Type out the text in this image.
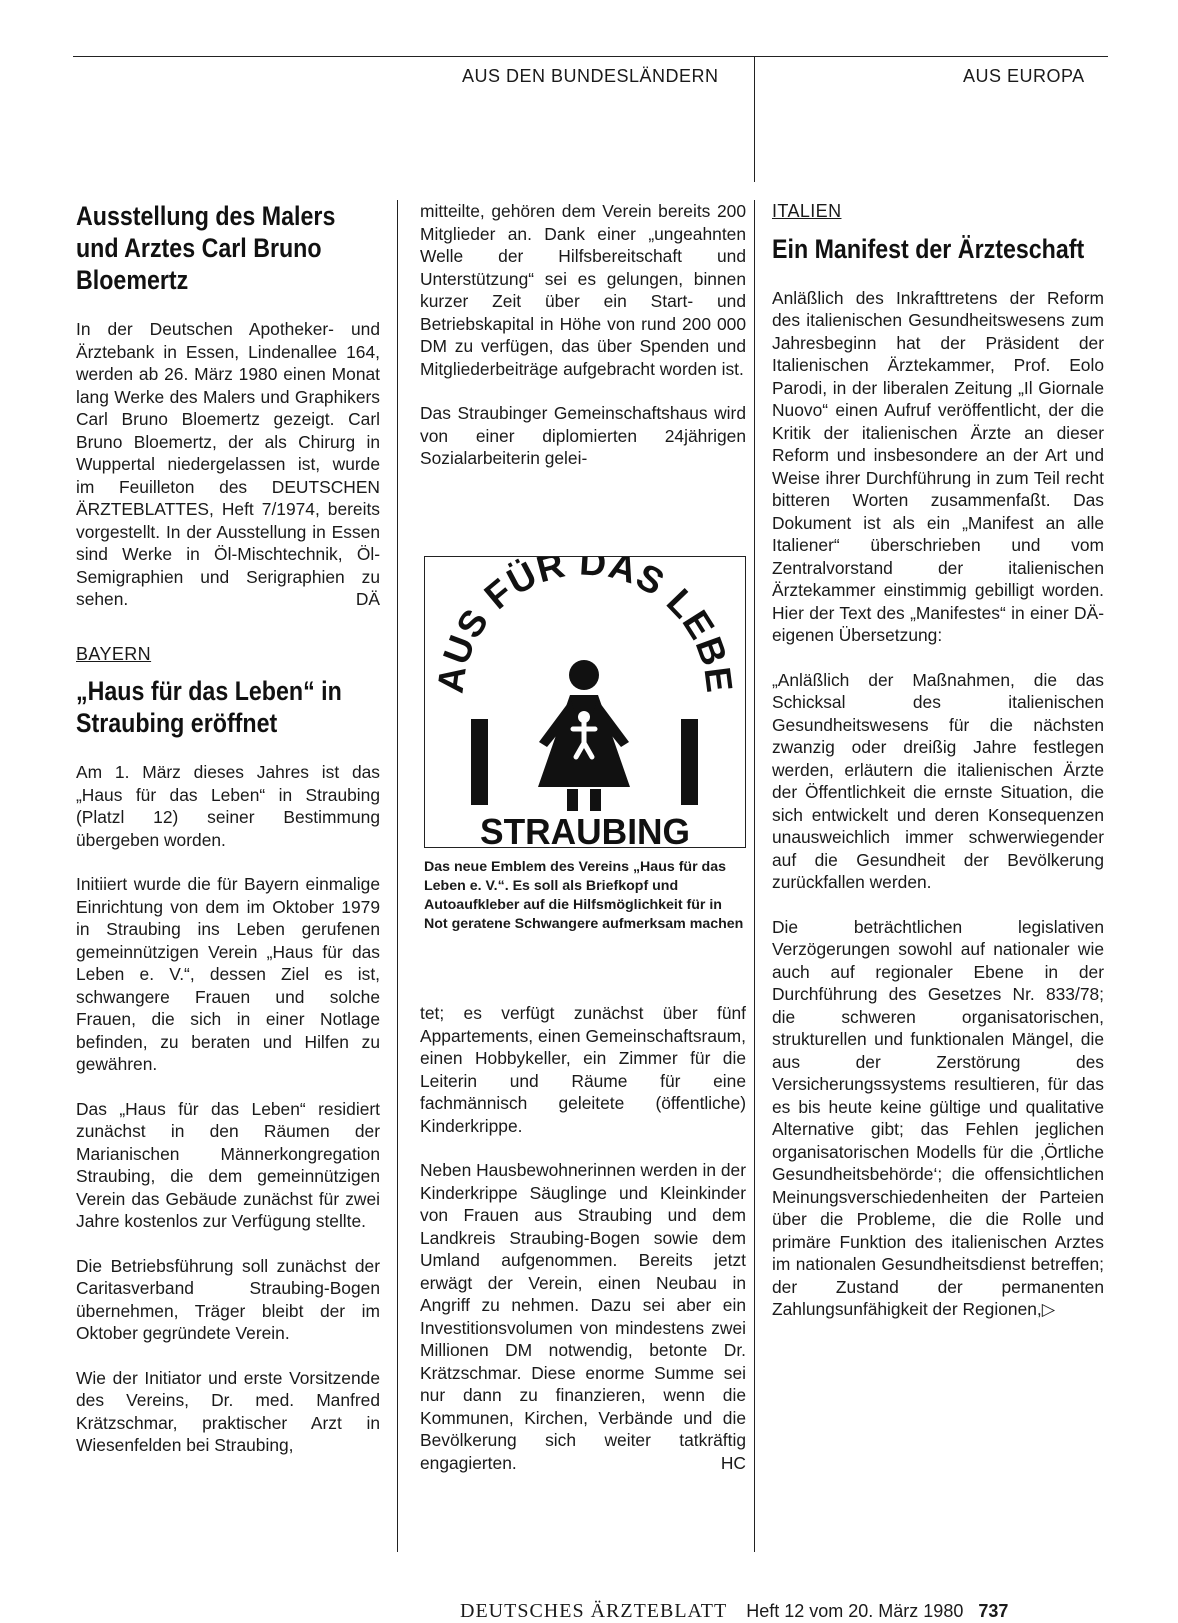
AUS DEN BUNDESLÄNDERN	AUS EUROPA
Ausstellung des Malers und Arztes Carl Bruno Bloemertz

In der Deutschen Apotheker- und Ärztebank in Essen, Lindenallee 164, werden ab 26. März 1980 einen Monat lang Werke des Malers und Graphikers Carl Bruno Bloemertz gezeigt. Carl Bruno Bloemertz, der als Chirurg in Wuppertal niedergelassen ist, wurde im Feuilleton des DEUTSCHEN ÄRZTEBLATTES, Heft 7/1974, bereits vorgestellt. In der Ausstellung in Essen sind Werke in Öl-Mischtechnik, Öl-Semigraphien und Serigraphien zu sehen.	DÄ

BAYERN
„Haus für das Leben“ in Straubing eröffnet

Am 1. März dieses Jahres ist das „Haus für das Leben“ in Straubing (Platzl 12) seiner Bestimmung übergeben worden.

Initiiert wurde die für Bayern einmalige Einrichtung von dem im Oktober 1979 in Straubing ins Leben gerufenen gemeinnützigen Verein „Haus für das Leben e. V.“, dessen Ziel es ist, schwangere Frauen und solche Frauen, die sich in einer Notlage befinden, zu beraten und Hilfen zu gewähren.

Das „Haus für das Leben“ residiert zunächst in den Räumen der Marianischen Männerkongregation Straubing, die dem gemeinnützigen Verein das Gebäude zunächst für zwei Jahre kostenlos zur Verfügung stellte.

Die Betriebsführung soll zunächst der Caritasverband Straubing-Bogen übernehmen, Träger bleibt der im Oktober gegründete Verein.

Wie der Initiator und erste Vorsitzende des Vereins, Dr. med. Manfred Krätzschmar, praktischer Arzt in Wiesenfelden bei Straubing,

mitteilte, gehören dem Verein bereits 200 Mitglieder an. Dank einer „ungeahnten Welle der Hilfsbereitschaft und Unterstützung“ sei es gelungen, binnen kurzer Zeit über ein Start- und Betriebskapital in Höhe von rund 200 000 DM zu verfügen, das über Spenden und Mitgliederbeiträge aufgebracht worden ist.

Das Straubinger Gemeinschaftshaus wird von einer diplomierten 24jährigen Sozialarbeiterin gelei-

AUS FÜR DAS LEBE
STRAUBING
Das neue Emblem des Vereins „Haus für das Leben e. V.“. Es soll als Briefkopf und Autoaufkleber auf die Hilfsmöglichkeit für in Not geratene Schwangere aufmerksam machen

tet; es verfügt zunächst über fünf Appartements, einen Gemeinschaftsraum, einen Hobbykeller, ein Zimmer für die Leiterin und Räume für eine fachmännisch geleitete (öffentliche) Kinderkrippe.

Neben Hausbewohnerinnen werden in der Kinderkrippe Säuglinge und Kleinkinder von Frauen aus Straubing und dem Landkreis Straubing-Bogen sowie dem Umland aufgenommen. Bereits jetzt erwägt der Verein, einen Neubau in Angriff zu nehmen. Dazu sei aber ein Investitionsvolumen von mindestens zwei Millionen DM notwendig, betonte Dr. Krätzschmar. Diese enorme Summe sei nur dann zu finanzieren, wenn die Kommunen, Kirchen, Verbände und die Bevölkerung sich weiter tatkräftig engagierten.	HC

ITALIEN
Ein Manifest der Ärzteschaft

Anläßlich des Inkrafttretens der Reform des italienischen Gesundheitswesens zum Jahresbeginn hat der Präsident der Italienischen Ärztekammer, Prof. Eolo Parodi, in der liberalen Zeitung „Il Giornale Nuovo“ einen Aufruf veröffentlicht, der die Kritik der italienischen Ärzte an dieser Reform und insbesondere an der Art und Weise ihrer Durchführung in zum Teil recht bitteren Worten zusammenfaßt. Das Dokument ist als ein „Manifest an alle Italiener“ überschrieben und vom Zentralvorstand der italienischen Ärztekammer einstimmig gebilligt worden. Hier der Text des „Manifestes“ in einer DÄ-eigenen Übersetzung:

„Anläßlich der Maßnahmen, die das Schicksal des italienischen Gesundheitswesens für die nächsten zwanzig oder dreißig Jahre festlegen werden, erläutern die italienischen Ärzte der Öffentlichkeit die ernste Situation, die sich entwickelt und deren Konsequenzen unausweichlich immer schwerwiegender auf die Gesundheit der Bevölkerung zurückfallen werden.

Die beträchtlichen legislativen Verzögerungen sowohl auf nationaler wie auch auf regionaler Ebene in der Durchführung des Gesetzes Nr. 833/78; die schweren organisatorischen, strukturellen und funktionalen Mängel, die aus der Zerstörung des Versicherungssystems resultieren, für das es bis heute keine gültige und qualitative Alternative gibt; das Fehlen jeglichen organisatorischen Modells für die ‚Örtliche Gesundheitsbehörde‘; die offensichtlichen Meinungsverschiedenheiten der Parteien über die Probleme, die die Rolle und primäre Funktion des italienischen Arztes im nationalen Gesundheitsdienst betreffen; der Zustand der permanenten Zahlungsunfähigkeit der Regionen,▷

DEUTSCHES ÄRZTEBLATT Heft 12 vom 20. März 1980 737
